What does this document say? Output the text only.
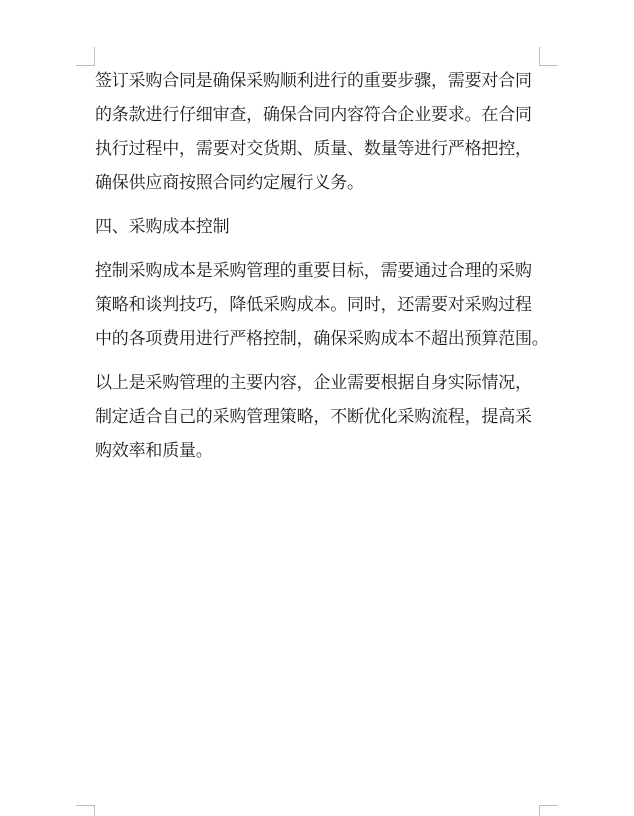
签订采购合同是确保采购顺利进行的重要步骤，需要对合同
的条款进行仔细审查，确保合同内容符合企业要求。在合同
执行过程中，需要对交货期、质量、数量等进行严格把控，
确保供应商按照合同约定履行义务。

四、采购成本控制

控制采购成本是采购管理的重要目标，需要通过合理的采购
策略和谈判技巧，降低采购成本。同时，还需要对采购过程
中的各项费用进行严格控制，确保采购成本不超出预算范围。

以上是采购管理的主要内容，企业需要根据自身实际情况，
制定适合自己的采购管理策略，不断优化采购流程，提高采
购效率和质量。
